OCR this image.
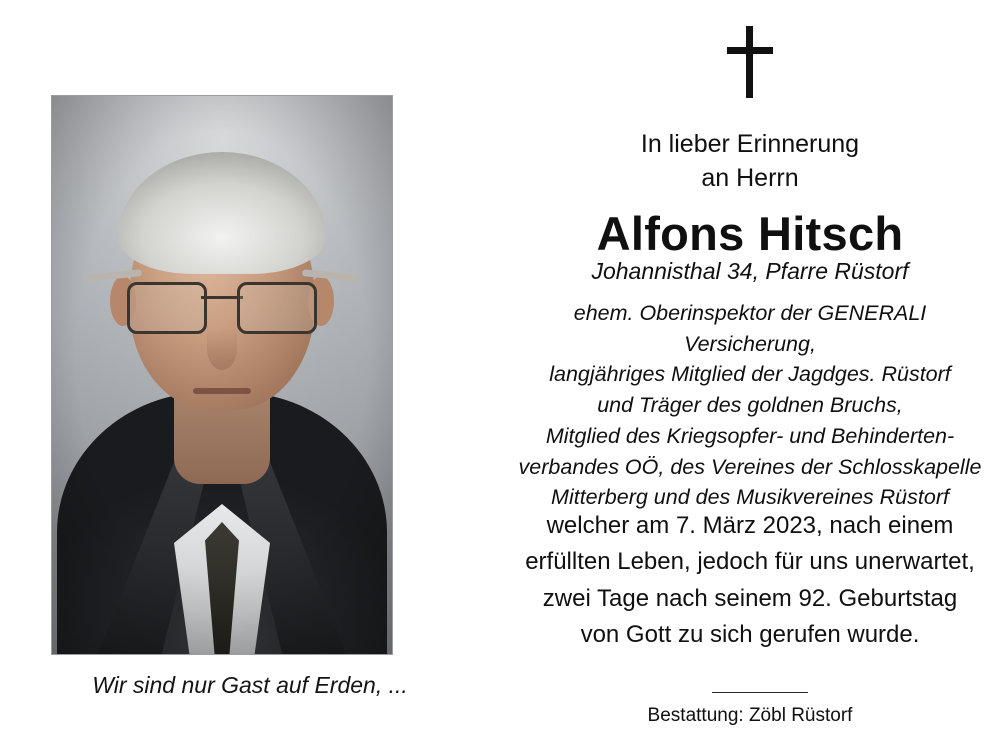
Wir sind nur Gast auf Erden, ...

In lieber Erinnerung

an Herrn

Alfons Hitsch
Johannisthal 34, Pfarre Rüstorf
ehem. Oberinspektor der GENERALI Versicherung,
langjähriges Mitglied der Jagdges. Rüstorf
und Träger des goldnen Bruchs,
Mitglied des Kriegsopfer- und Behinderten-
verbandes OÖ, des Vereines der Schlosskapelle
Mitterberg und des Musikvereines Rüstorf
welcher am 7. März 2023, nach einem
erfüllten Leben, jedoch für uns unerwartet,
zwei Tage nach seinem 92. Geburtstag
von Gott zu sich gerufen wurde.
Bestattung: Zöbl Rüstorf
